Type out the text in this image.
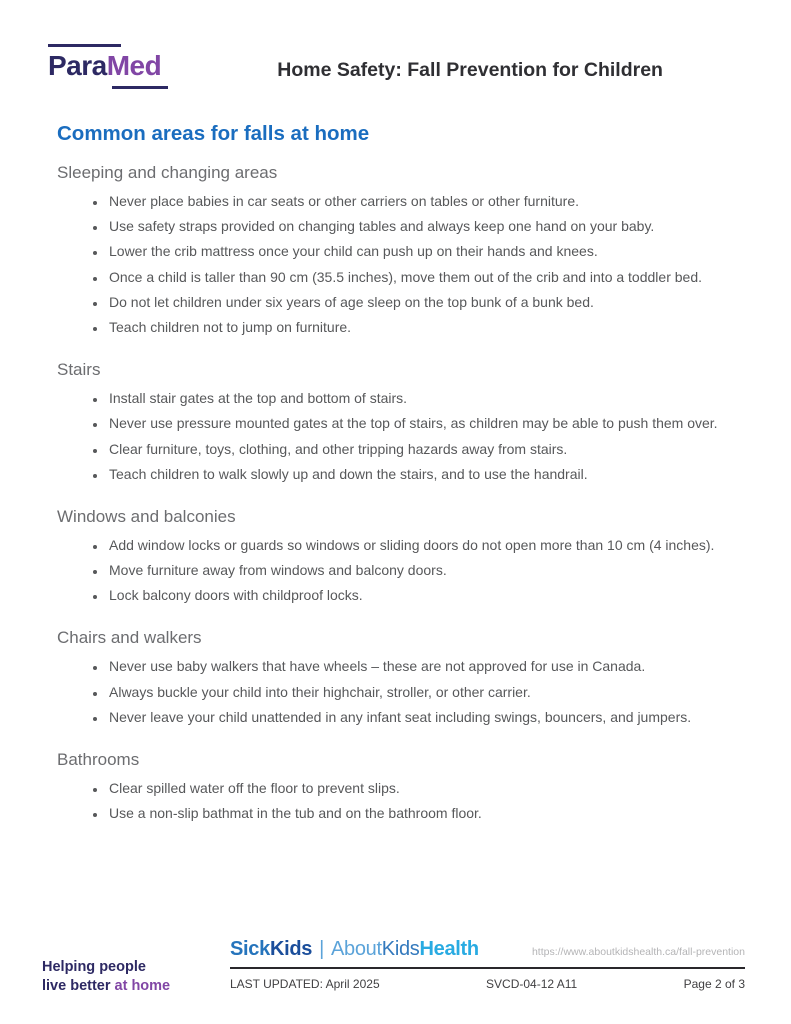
ParaMed	Home Safety: Fall Prevention for Children
Common areas for falls at home
Sleeping and changing areas
• Never place babies in car seats or other carriers on tables or other furniture.
• Use safety straps provided on changing tables and always keep one hand on your baby.
• Lower the crib mattress once your child can push up on their hands and knees.
• Once a child is taller than 90 cm (35.5 inches), move them out of the crib and into a toddler bed.
• Do not let children under six years of age sleep on the top bunk of a bunk bed.
• Teach children not to jump on furniture.
Stairs
• Install stair gates at the top and bottom of stairs.
• Never use pressure mounted gates at the top of stairs, as children may be able to push them over.
• Clear furniture, toys, clothing, and other tripping hazards away from stairs.
• Teach children to walk slowly up and down the stairs, and to use the handrail.
Windows and balconies
• Add window locks or guards so windows or sliding doors do not open more than 10 cm (4 inches).
• Move furniture away from windows and balcony doors.
• Lock balcony doors with childproof locks.
Chairs and walkers
• Never use baby walkers that have wheels – these are not approved for use in Canada.
• Always buckle your child into their highchair, stroller, or other carrier.
• Never leave your child unattended in any infant seat including swings, bouncers, and jumpers.
Bathrooms
• Clear spilled water off the floor to prevent slips.
• Use a non-slip bathmat in the tub and on the bathroom floor.
Helping people
live better at home
SickKids | AboutKidsHealth	https://www.aboutkidshealth.ca/fall-prevention
LAST UPDATED: April 2025	SVCD-04-12 A11	Page 2 of 3
